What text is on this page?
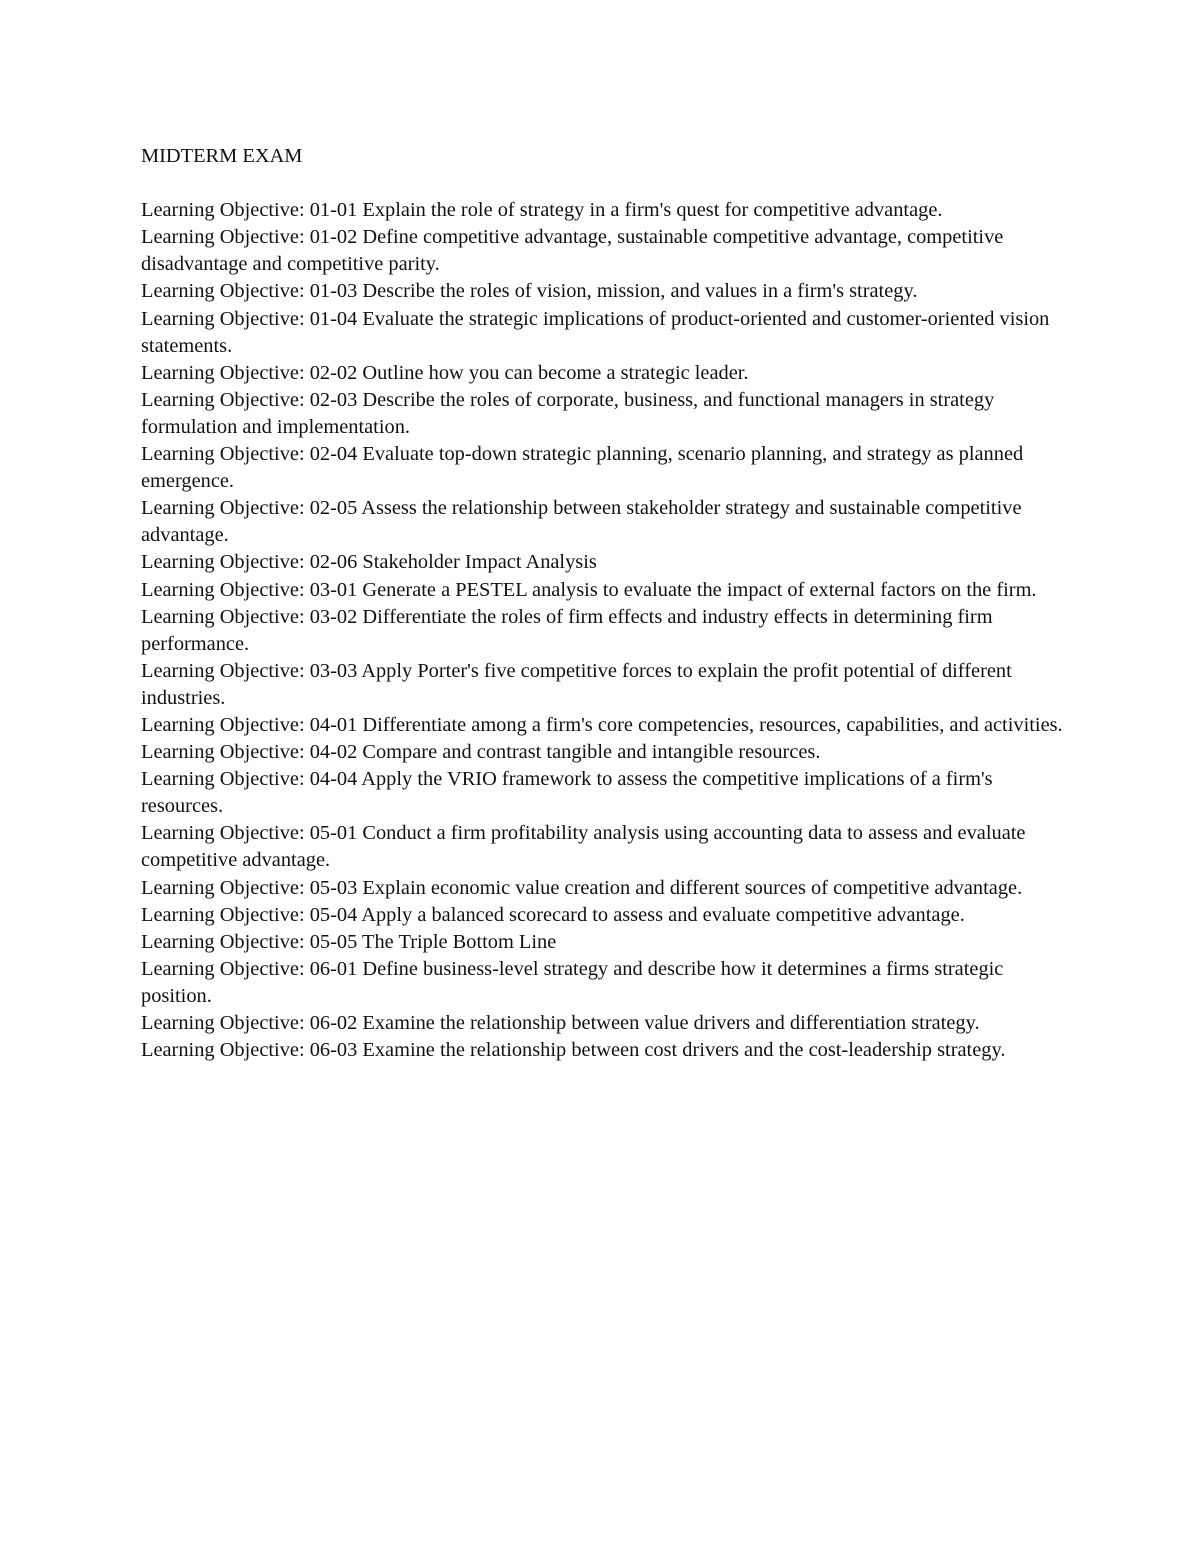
MIDTERM EXAM
Learning Objective: 01-01 Explain the role of strategy in a firm's quest for competitive advantage.
Learning Objective: 01-02 Define competitive advantage, sustainable competitive advantage, competitive disadvantage and competitive parity.
Learning Objective: 01-03 Describe the roles of vision, mission, and values in a firm's strategy.
Learning Objective: 01-04 Evaluate the strategic implications of product-oriented and customer-oriented vision statements.
Learning Objective: 02-02 Outline how you can become a strategic leader.
Learning Objective: 02-03 Describe the roles of corporate, business, and functional managers in strategy formulation and implementation.
Learning Objective: 02-04 Evaluate top-down strategic planning, scenario planning, and strategy as planned emergence.
Learning Objective: 02-05 Assess the relationship between stakeholder strategy and sustainable competitive advantage.
Learning Objective: 02-06 Stakeholder Impact Analysis
Learning Objective: 03-01 Generate a PESTEL analysis to evaluate the impact of external factors on the firm.
Learning Objective: 03-02 Differentiate the roles of firm effects and industry effects in determining firm performance.
Learning Objective: 03-03 Apply Porter's five competitive forces to explain the profit potential of different industries.
Learning Objective: 04-01 Differentiate among a firm's core competencies, resources, capabilities, and activities.
Learning Objective: 04-02 Compare and contrast tangible and intangible resources.
Learning Objective: 04-04 Apply the VRIO framework to assess the competitive implications of a firm's resources.
Learning Objective: 05-01 Conduct a firm profitability analysis using accounting data to assess and evaluate competitive advantage.
Learning Objective: 05-03 Explain economic value creation and different sources of competitive advantage.
Learning Objective: 05-04 Apply a balanced scorecard to assess and evaluate competitive advantage.
Learning Objective: 05-05 The Triple Bottom Line
Learning Objective: 06-01 Define business-level strategy and describe how it determines a firms strategic position.
Learning Objective: 06-02 Examine the relationship between value drivers and differentiation strategy.
Learning Objective: 06-03 Examine the relationship between cost drivers and the cost-leadership strategy.
